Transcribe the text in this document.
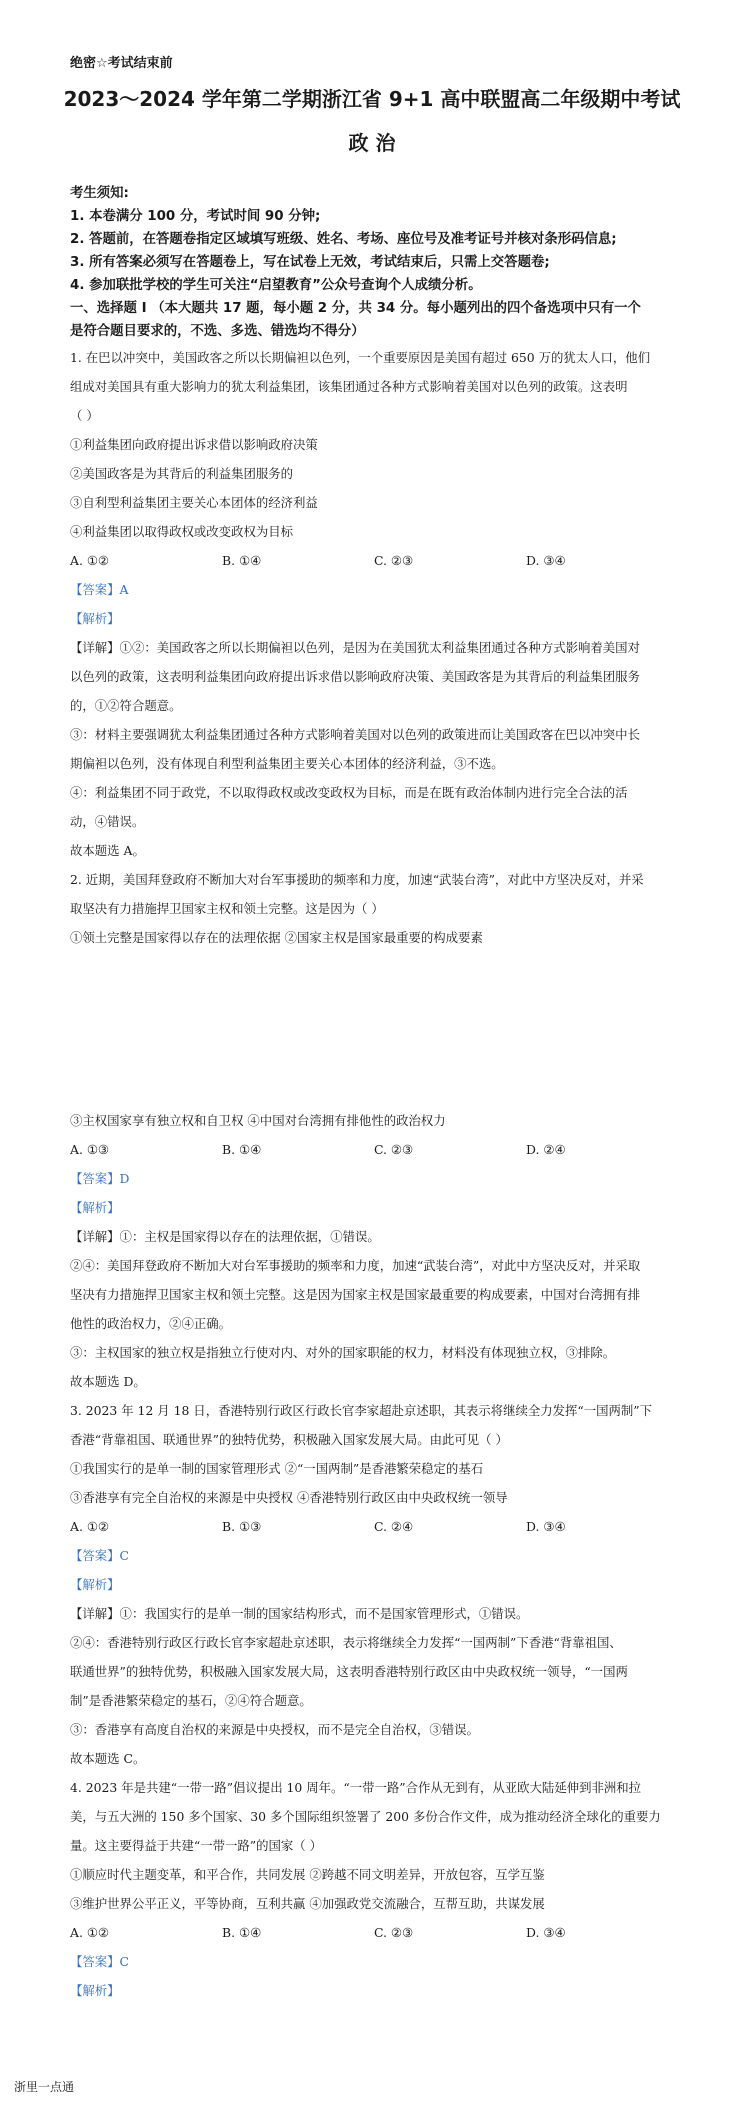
绝密☆考试结束前
2023～2024 学年第二学期浙江省 9+1 高中联盟高二年级期中考试
政 治
考生须知:
1. 本卷满分 100 分，考试时间 90 分钟;
2. 答题前，在答题卷指定区域填写班级、姓名、考场、座位号及准考证号并核对条形码信息;
3. 所有答案必须写在答题卷上，写在试卷上无效，考试结束后，只需上交答题卷;
4. 参加联批学校的学生可关注“启望教育”公众号查询个人成绩分析。
一、选择题 I （本大题共 17 题，每小题 2 分，共 34 分。每小题列出的四个备选项中只有一个
是符合题目要求的，不选、多选、错选均不得分）
1. 在巴以冲突中，美国政客之所以长期偏袒以色列，一个重要原因是美国有超过 650 万的犹太人口，他们
组成对美国具有重大影响力的犹太利益集团，该集团通过各种方式影响着美国对以色列的政策。这表明
（ ）
①利益集团向政府提出诉求借以影响政府决策
②美国政客是为其背后的利益集团服务的
③自利型利益集团主要关心本团体的经济利益
④利益集团以取得政权或改变政权为目标
A. ①②	B. ①④	C. ②③	D. ③④
【答案】A
【解析】
【详解】①②：美国政客之所以长期偏袒以色列，是因为在美国犹太利益集团通过各种方式影响着美国对
以色列的政策，这表明利益集团向政府提出诉求借以影响政府决策、美国政客是为其背后的利益集团服务
的，①②符合题意。
③：材料主要强调犹太利益集团通过各种方式影响着美国对以色列的政策进而让美国政客在巴以冲突中长
期偏袒以色列，没有体现自利型利益集团主要关心本团体的经济利益，③不选。
④：利益集团不同于政党，不以取得政权或改变政权为目标，而是在既有政治体制内进行完全合法的活
动，④错误。
故本题选 A。
2. 近期，美国拜登政府不断加大对台军事援助的频率和力度，加速“武装台湾”，对此中方坚决反对，并采
取坚决有力措施捍卫国家主权和领土完整。这是因为（ ）
①领土完整是国家得以存在的法理依据 ②国家主权是国家最重要的构成要素
③主权国家享有独立权和自卫权 ④中国对台湾拥有排他性的政治权力
A. ①③	B. ①④	C. ②③	D. ②④
【答案】D
【解析】
【详解】①：主权是国家得以存在的法理依据，①错误。
②④：美国拜登政府不断加大对台军事援助的频率和力度，加速“武装台湾”，对此中方坚决反对，并采取
坚决有力措施捍卫国家主权和领土完整。这是因为国家主权是国家最重要的构成要素，中国对台湾拥有排
他性的政治权力，②④正确。
③：主权国家的独立权是指独立行使对内、对外的国家职能的权力，材料没有体现独立权，③排除。
故本题选 D。
3. 2023 年 12 月 18 日，香港特别行政区行政长官李家超赴京述职，其表示将继续全力发挥“一国两制”下
香港“背靠祖国、联通世界”的独特优势，积极融入国家发展大局。由此可见（ ）
①我国实行的是单一制的国家管理形式 ②“一国两制”是香港繁荣稳定的基石
③香港享有完全自治权的来源是中央授权 ④香港特别行政区由中央政权统一领导
A. ①②	B. ①③	C. ②④	D. ③④
【答案】C
【解析】
【详解】①：我国实行的是单一制的国家结构形式，而不是国家管理形式，①错误。
②④：香港特别行政区行政长官李家超赴京述职，表示将继续全力发挥“一国两制”下香港“背靠祖国、
联通世界”的独特优势，积极融入国家发展大局，这表明香港特别行政区由中央政权统一领导，“一国两
制”是香港繁荣稳定的基石，②④符合题意。
③：香港享有高度自治权的来源是中央授权，而不是完全自治权，③错误。
故本题选 C。
4. 2023 年是共建“一带一路”倡议提出 10 周年。“一带一路”合作从无到有，从亚欧大陆延伸到非洲和拉
美，与五大洲的 150 多个国家、30 多个国际组织签署了 200 多份合作文件，成为推动经济全球化的重要力
量。这主要得益于共建“一带一路”的国家（ ）
①顺应时代主题变革，和平合作，共同发展 ②跨越不同文明差异，开放包容，互学互鉴
③维护世界公平正义，平等协商，互利共赢 ④加强政党交流融合，互帮互助，共谋发展
A. ①②	B. ①④	C. ②③	D. ③④
【答案】C
【解析】
浙里一点通
